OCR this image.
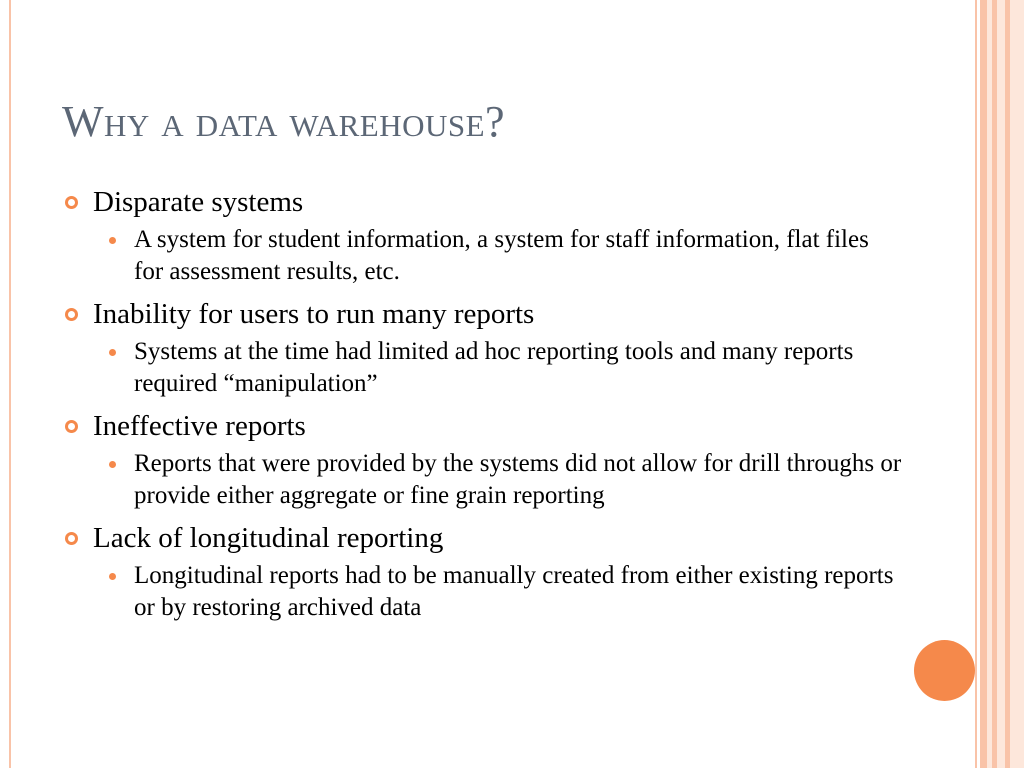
Why a data warehouse?
Disparate systems
A system for student information, a system for staff information, flat files for assessment results, etc.
Inability for users to run many reports
Systems at the time had limited ad hoc reporting tools and many reports required “manipulation”
Ineffective reports
Reports that were provided by the systems did not allow for drill throughs or provide either aggregate or fine grain reporting
Lack of longitudinal reporting
Longitudinal reports had to be manually created from either existing reports or by restoring archived data
